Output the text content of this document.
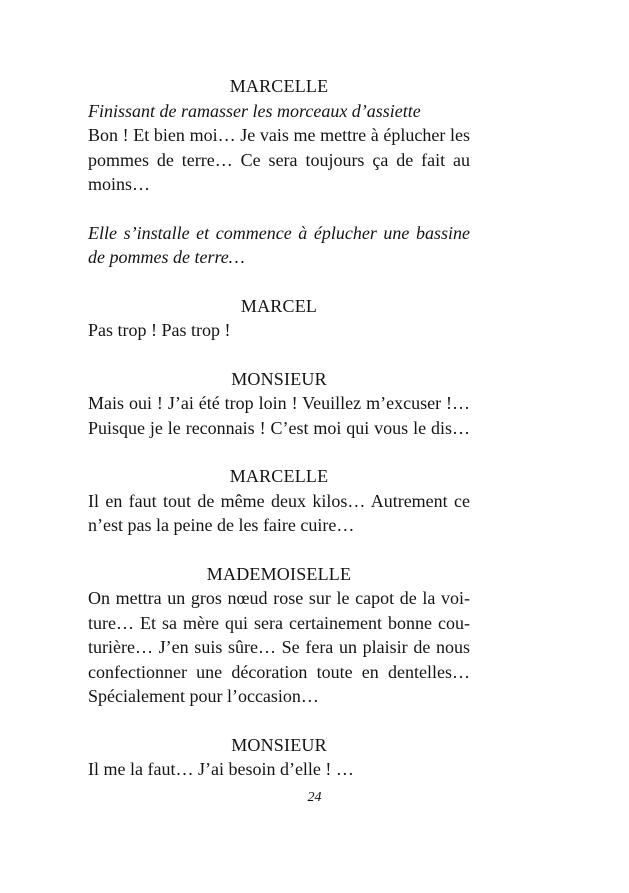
MARCELLE

Finissant de ramasser les morceaux d’assiette

Bon ! Et bien moi… Je vais me mettre à éplucher les

pommes de terre… Ce sera toujours ça de fait au

moins…

Elle s’installe et commence à éplucher une bassine

de pommes de terre…

MARCEL

Pas trop ! Pas trop !

MONSIEUR

Mais oui ! J’ai été trop loin ! Veuillez m’excuser !…

Puisque je le reconnais ! C’est moi qui vous le dis…

MARCELLE

Il en faut tout de même deux kilos… Autrement ce

n’est pas la peine de les faire cuire…

MADEMOISELLE

On mettra un gros nœud rose sur le capot de la voi-

ture… Et sa mère qui sera certainement bonne cou-

turière… J’en suis sûre… Se fera un plaisir de nous

confectionner une décoration toute en dentelles…

Spécialement pour l’occasion…

MONSIEUR

Il me la faut… J’ai besoin d’elle ! …

24
